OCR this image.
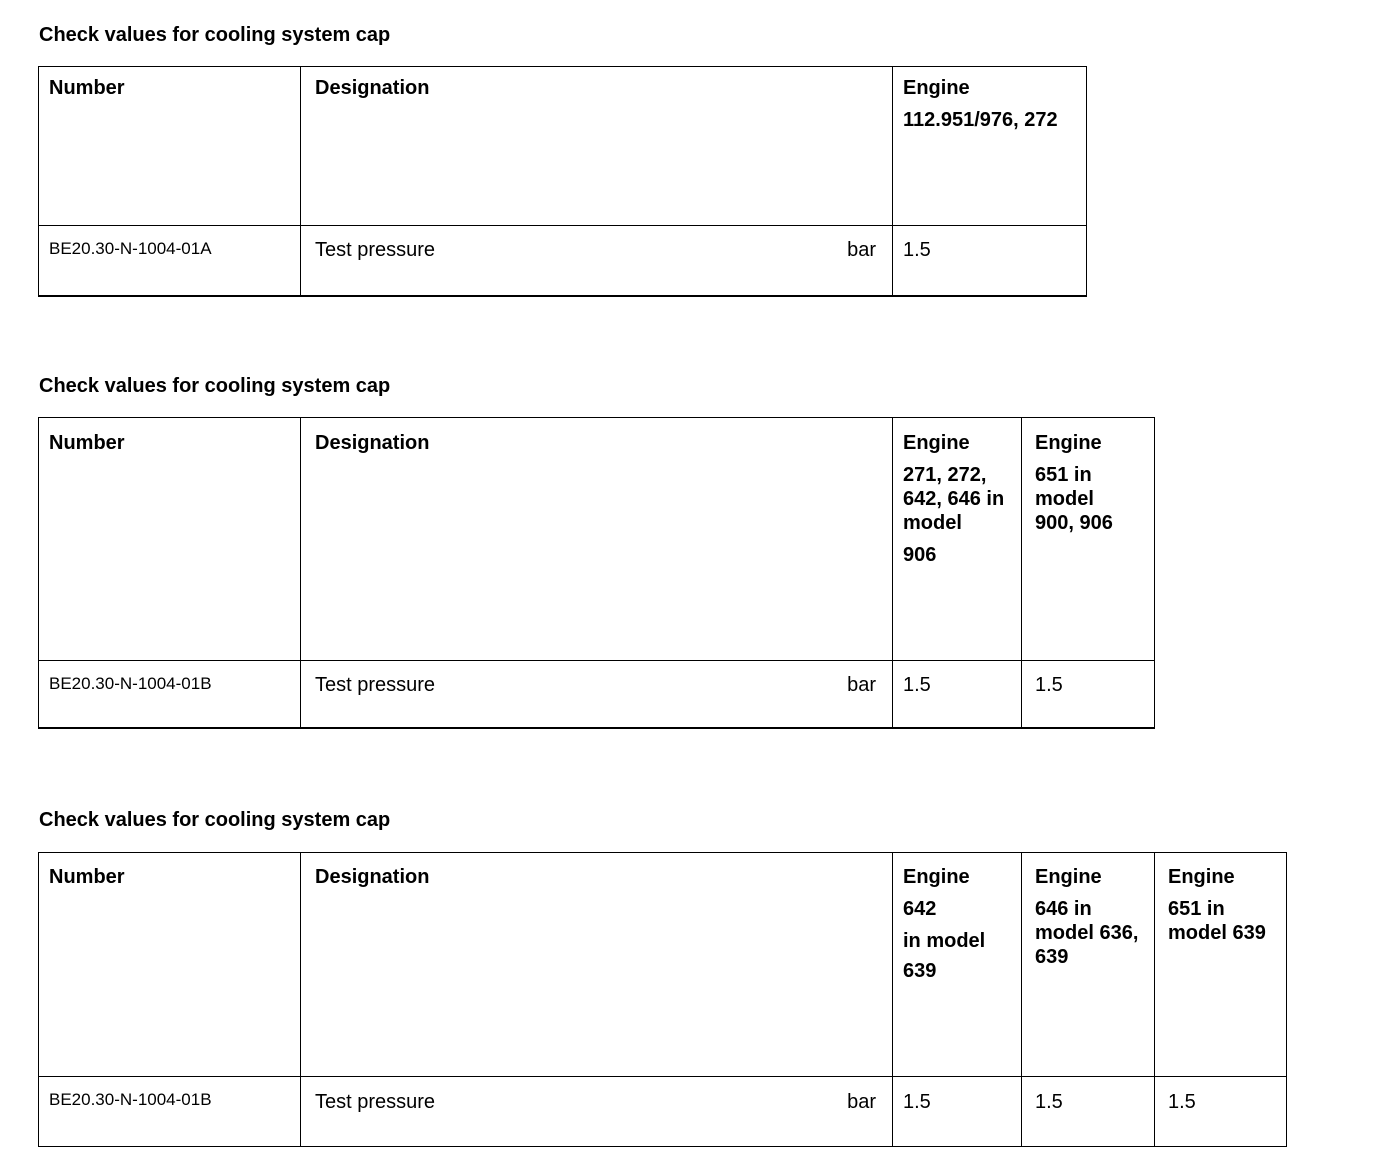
Check values for cooling system cap
Number	Designation	Engine
112.951/976, 272

BE20.30-N-1004-01A	Test pressure bar	1.5
Check values for cooling system cap
Number	Designation	Engine
271, 272,
642, 646 in
model
906	Engine
651 in
model
900, 906

BE20.30-N-1004-01B	Test pressure bar	1.5	1.5
Check values for cooling system cap
Number	Designation	Engine
642
in model
639	Engine
646 in
model 636,
639	Engine
651 in
model 639

BE20.30-N-1004-01B	Test pressure bar	1.5	1.5	1.5
